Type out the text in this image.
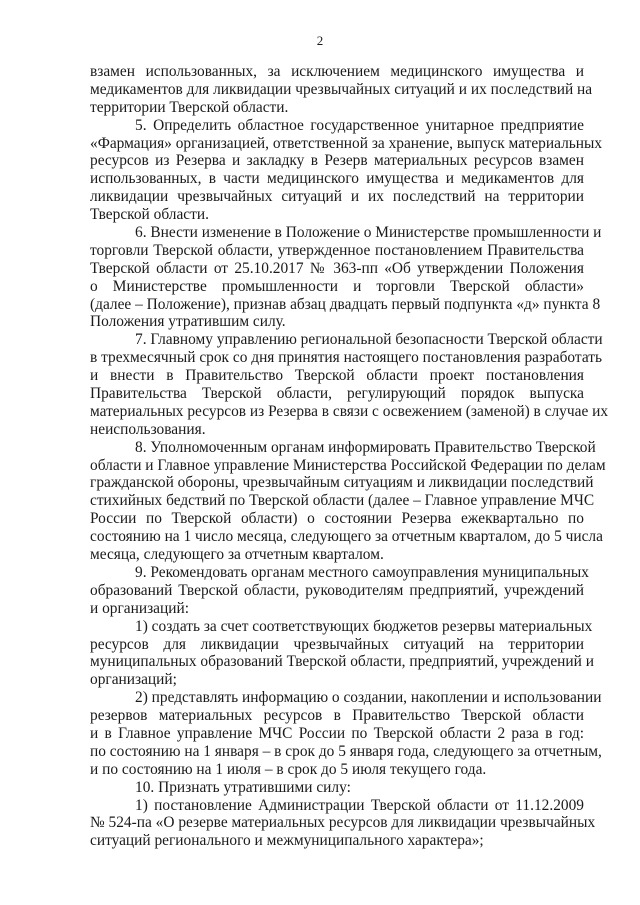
2
взамен использованных, за исключением медицинского имущества и
медикаментов для ликвидации чрезвычайных ситуаций и их последствий на
территории Тверской области.
5. Определить областное государственное унитарное предприятие
«Фармация» организацией, ответственной за хранение, выпуск материальных
ресурсов из Резерва и закладку в Резерв материальных ресурсов взамен
использованных, в части медицинского имущества и медикаментов для
ликвидации чрезвычайных ситуаций и их последствий на территории
Тверской области.
6. Внести изменение в Положение о Министерстве промышленности и
торговли Тверской области, утвержденное постановлением Правительства
Тверской области от 25.10.2017 № 363-пп «Об утверждении Положения
о Министерстве промышленности и торговли Тверской области»
(далее – Положение), признав абзац двадцать первый подпункта «д» пункта 8
Положения утратившим силу.
7. Главному управлению региональной безопасности Тверской области
в трехмесячный срок со дня принятия настоящего постановления разработать
и внести в Правительство Тверской области проект постановления
Правительства Тверской области, регулирующий порядок выпуска
материальных ресурсов из Резерва в связи с освежением (заменой) в случае их
неиспользования.
8. Уполномоченным органам информировать Правительство Тверской
области и Главное управление Министерства Российской Федерации по делам
гражданской обороны, чрезвычайным ситуациям и ликвидации последствий
стихийных бедствий по Тверской области (далее – Главное управление МЧС
России по Тверской области) о состоянии Резерва ежеквартально по
состоянию на 1 число месяца, следующего за отчетным кварталом, до 5 числа
месяца, следующего за отчетным кварталом.
9. Рекомендовать органам местного самоуправления муниципальных
образований Тверской области, руководителям предприятий, учреждений
и организаций:
1) создать за счет соответствующих бюджетов резервы материальных
ресурсов для ликвидации чрезвычайных ситуаций на территории
муниципальных образований Тверской области, предприятий, учреждений и
организаций;
2) представлять информацию о создании, накоплении и использовании
резервов материальных ресурсов в Правительство Тверской области
и в Главное управление МЧС России по Тверской области 2 раза в год:
по состоянию на 1 января – в срок до 5 января года, следующего за отчетным,
и по состоянию на 1 июля – в срок до 5 июля текущего года.
10. Признать утратившими силу:
1) постановление Администрации Тверской области от 11.12.2009
№ 524-па «О резерве материальных ресурсов для ликвидации чрезвычайных
ситуаций регионального и межмуниципального характера»;
